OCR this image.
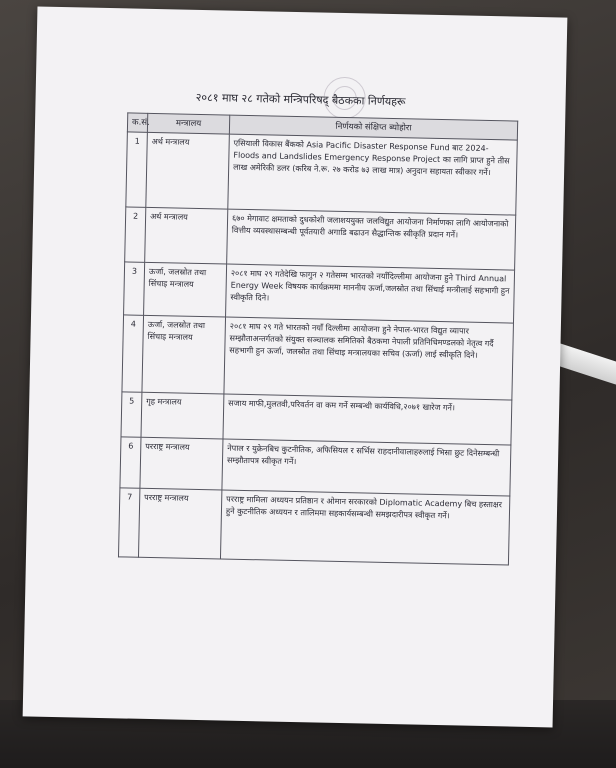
२०८१ माघ २८ गतेको मन्त्रिपरिषद् बैठकका निर्णयहरू
क.सं.	मन्त्रालय	निर्णयको संक्षिप्त ब्योहोरा
1	अर्थ मन्त्रालय	एसियाली विकास बैंकको Asia Pacific Disaster Response Fund बाट 2024-Floods and Landslides Emergency Response Project का लागि प्राप्त हुने तीस लाख अमेरिकी डलर (करिब ने.रू. २७ करोड ७३ लाख मात्र) अनुदान सहायता स्वीकार गर्ने।
2	अर्थ मन्त्रालय	६७० मेगावाट क्षमताको दुधकोशी जलाशययुक्त जलविद्युत आयोजना निर्माणका लागि आयोजनाको वित्तीय व्यवस्थासम्बन्धी पूर्वतयारी अगाडि बढाउन सैद्धान्तिक स्वीकृति प्रदान गर्ने।
3	ऊर्जा, जलस्रोत तथा सिंचाइ मन्त्रालय	२०८१ माघ २९ गतेदेखि फागुन २ गतेसम्म भारतको नयाँदिल्लीमा आयोजना हुने Third Annual Energy Week विषयक कार्यक्रममा माननीय ऊर्जा,जलस्रोत तथा सिंचाई मन्त्रीलाई सहभागी हुन स्वीकृति दिने।
4	ऊर्जा, जलस्रोत तथा सिंचाइ मन्त्रालय	२०८१ माघ २९ गते भारतको नयाँ दिल्लीमा आयोजना हुने नेपाल-भारत विद्युत व्यापार सम्झौताअन्तर्गतको संयुक्त सञ्चालक समितिको बैठकमा नेपाली प्रतिनिधिमण्डलको नेतृत्व गर्दै सहभागी हुन ऊर्जा, जलस्रोत तथा सिंचाइ मन्त्रालयका सचिव (ऊर्जा) लाई स्वीकृति दिने।
5	गृह मन्त्रालय	सजाय माफी,मुलतवी,परिवर्तन वा कम गर्ने सम्बन्धी कार्यविधि,२०७१ खारेज गर्ने।
6	परराष्ट्र मन्त्रालय	नेपाल र युक्रेनबिच कुटनीतिक, अफिसियल र सर्भिस राहदानीवालाहरुलाई भिसा छुट दिनेसम्बन्धी सम्झौतापत्र स्वीकृत गर्ने।
7	परराष्ट्र मन्त्रालय	परराष्ट्र मामिला अध्ययन प्रतिष्ठान र ओमान सरकारको Diplomatic Academy बिच हस्ताक्षर हुने कुटनीतिक अध्ययन र तालिममा सहकार्यसम्बन्धी समझदारीपत्र स्वीकृत गर्ने।
